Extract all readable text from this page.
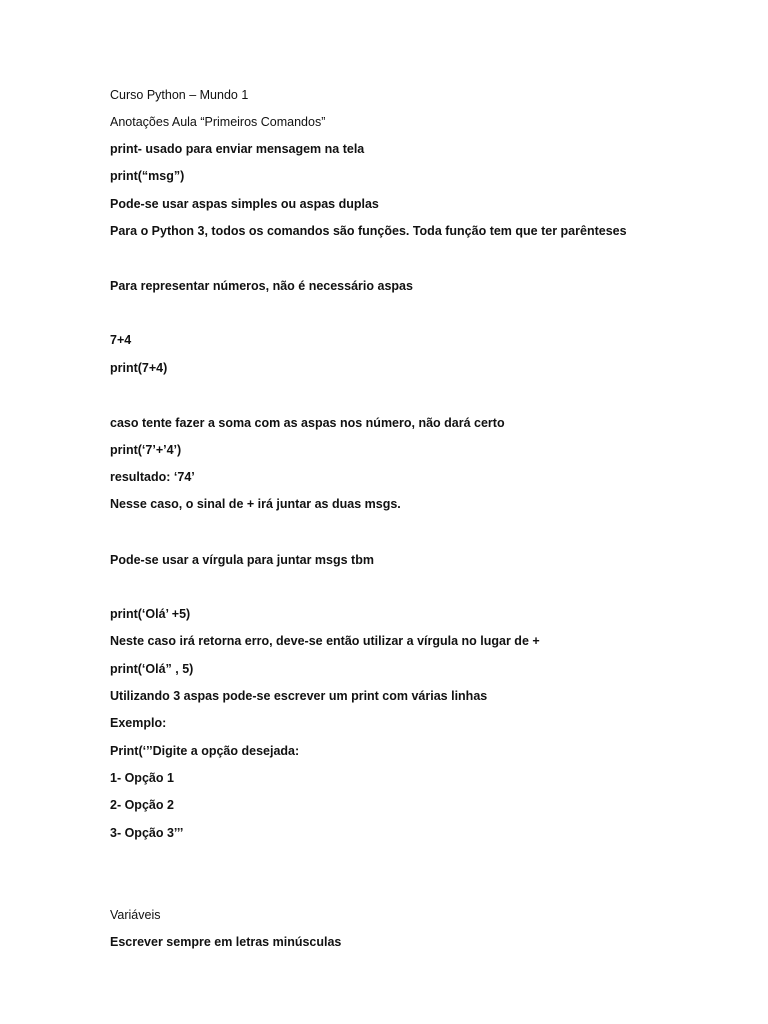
Curso Python – Mundo 1
Anotações Aula “Primeiros Comandos”
print- usado para enviar mensagem na tela
print(“msg”)
Pode-se usar aspas simples ou aspas duplas
Para o Python 3, todos os comandos são funções. Toda função tem que ter parênteses
Para representar números, não é necessário aspas
7+4
print(7+4)
caso tente fazer a soma com as aspas nos número, não dará certo
print(‘7’+’4’)
resultado: ‘74’
Nesse caso, o sinal de + irá juntar as duas msgs.
Pode-se usar a vírgula para juntar msgs tbm
print(‘Olá’ +5)
Neste caso irá retorna erro, deve-se então utilizar a vírgula no lugar de +
print(‘Olá” , 5)
Utilizando 3 aspas pode-se escrever um print com várias linhas
Exemplo:
Print(‘’’Digite a opção desejada:
1- Opção 1
2- Opção 2
3- Opção 3’’’
Variáveis
Escrever sempre em letras minúsculas
